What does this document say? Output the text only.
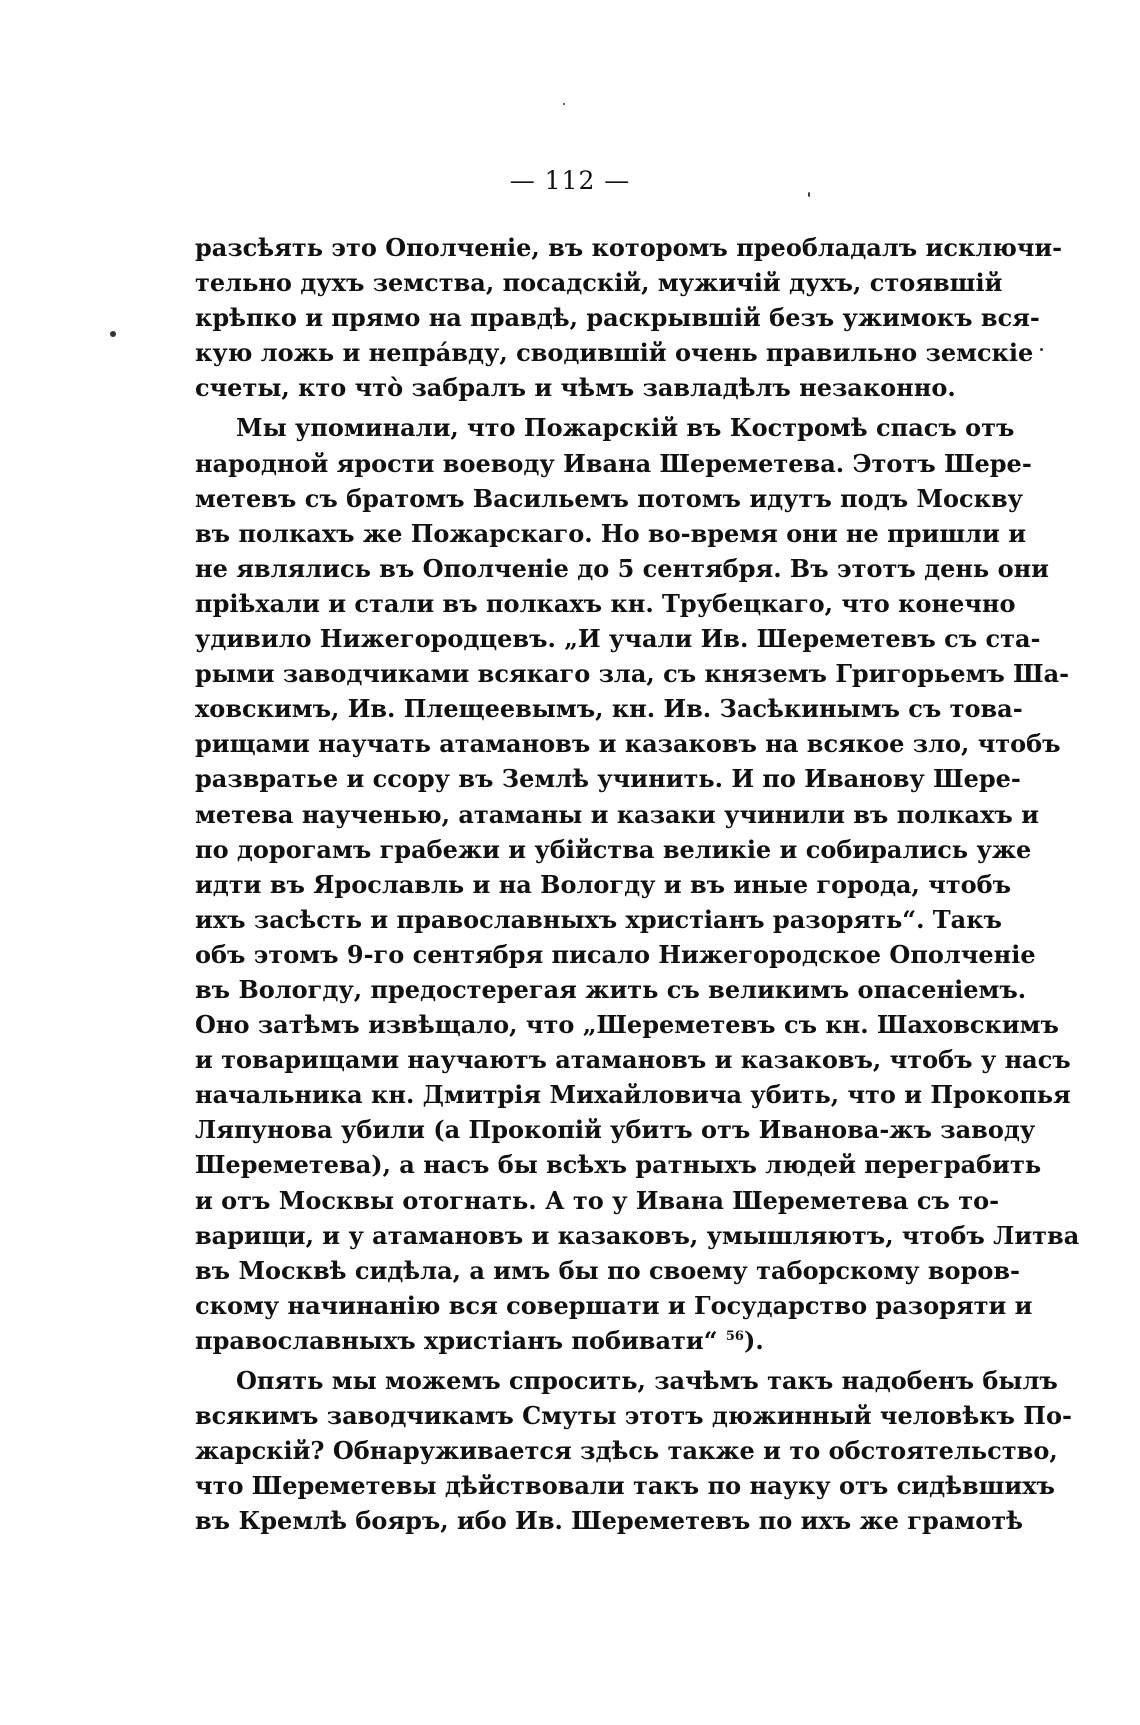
— 112 —
разсѣять это Ополченіе, въ которомъ преобладалъ исключи-
тельно духъ земства, посадскій, мужичій духъ, стоявшій
крѣпко и прямо на правдѣ, раскрывшій безъ ужимокъ вся-
кую ложь и непра́вду, сводившій очень правильно земскіе
счеты, кто что̀ забралъ и чѣмъ завладѣлъ незаконно.
Мы упоминали, что Пожарскій въ Костромѣ спасъ отъ
народной ярости воеводу Ивана Шереметева. Этотъ Шере-
метевъ съ братомъ Васильемъ потомъ идутъ подъ Москву
въ полкахъ же Пожарскаго. Но во-время они не пришли и
не являлись въ Ополченіе до 5 сентября. Въ этотъ день они
пріѣхали и стали въ полкахъ кн. Трубецкаго, что конечно
удивило Нижегородцевъ. „И учали Ив. Шереметевъ съ ста-
рыми заводчиками всякаго зла, съ княземъ Григорьемъ Ша-
ховскимъ, Ив. Плещеевымъ, кн. Ив. Засѣкинымъ съ това-
рищами научать атамановъ и казаковъ на всякое зло, чтобъ
развратье и ссору въ Землѣ учинить. И по Иванову Шере-
метева наученью, атаманы и казаки учинили въ полкахъ и
по дорогамъ грабежи и убійства великіе и собирались уже
идти въ Ярославль и на Вологду и въ иные города, чтобъ
ихъ засѣсть и православныхъ христіанъ разорять“. Такъ
объ этомъ 9-го сентября писало Нижегородское Ополченіе
въ Вологду, предостерегая жить съ великимъ опасеніемъ.
Оно затѣмъ извѣщало, что „Шереметевъ съ кн. Шаховскимъ
и товарищами научаютъ атамановъ и казаковъ, чтобъ у насъ
начальника кн. Дмитрія Михайловича убить, что и Прокопья
Ляпунова убили (а Прокопій убитъ отъ Иванова-жъ заводу
Шереметева), а насъ бы всѣхъ ратныхъ людей перегрaбить
и отъ Москвы отогнать. А то у Ивана Шереметева съ то-
варищи, и у атамановъ и казаковъ, умышляютъ, чтобъ Литва
въ Москвѣ сидѣла, а имъ бы по своему таборскому воров-
скому начинанію вся совершати и Государство разоряти и
православныхъ христіанъ побивати“ $^{56}$).
Опять мы можемъ спросить, зачѣмъ такъ надобенъ былъ
всякимъ заводчикамъ Смуты этотъ дюжинный человѣкъ По-
жарскій? Обнаруживается здѣсь также и то обстоятельство,
что Шереметевы дѣйствовали такъ по науку отъ сидѣвшихъ
въ Кремлѣ бояръ, ибо Ив. Шереметевъ по ихъ же грамотѣ
